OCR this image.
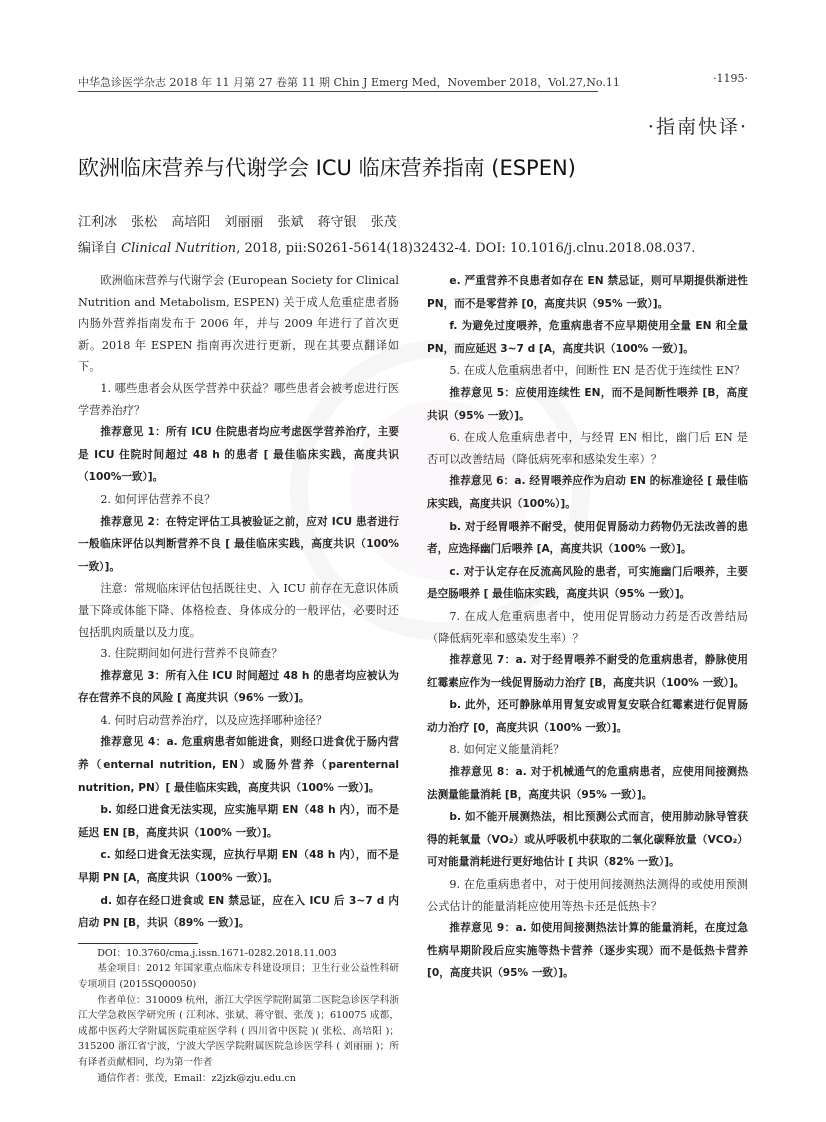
中华急诊医学杂志 2018 年 11 月第 27 卷第 11 期 Chin J Emerg Med，November 2018，Vol.27,No.11	·1195·
·指南快译·
欧洲临床营养与代谢学会 ICU 临床营养指南 (ESPEN)
江利冰 张松 高培阳 刘丽丽 张斌 蒋守银 张茂
编译自 Clinical Nutrition, 2018, pii:S0261-5614(18)32432-4. DOI: 10.1016/j.clnu.2018.08.037.

欧洲临床营养与代谢学会 (European Society for Clinical Nutrition and Metabolism, ESPEN) 关于成人危重症患者肠内肠外营养指南发布于 2006 年，并与 2009 年进行了首次更新。2018 年 ESPEN 指南再次进行更新，现在其要点翻译如下。

1. 哪些患者会从医学营养中获益？哪些患者会被考虑进行医学营养治疗？

推荐意见 1：所有 ICU 住院患者均应考虑医学营养治疗，主要是 ICU 住院时间超过 48 h 的患者 [ 最佳临床实践，高度共识（100%一致）]。

2. 如何评估营养不良？

推荐意见 2：在特定评估工具被验证之前，应对 ICU 患者进行一般临床评估以判断营养不良 [ 最佳临床实践，高度共识（100% 一致）]。

注意：常规临床评估包括既往史、入 ICU 前存在无意识体质量下降或体能下降、体格检查、身体成分的一般评估，必要时还包括肌肉质量以及力度。

3. 住院期间如何进行营养不良筛查？

推荐意见 3：所有入住 ICU 时间超过 48 h 的患者均应被认为存在营养不良的风险 [ 高度共识（96% 一致）]。

4. 何时启动营养治疗，以及应选择哪种途径？

推荐意见 4：a. 危重病患者如能进食，则经口进食优于肠内营养（enternal nutrition, EN）或肠外营养（parenternal nutrition, PN）[ 最佳临床实践，高度共识（100% 一致）]。

b. 如经口进食无法实现，应实施早期 EN（48 h 内），而不是延迟 EN [B，高度共识（100% 一致）]。

c. 如经口进食无法实现，应执行早期 EN（48 h 内），而不是早期 PN [A，高度共识（100% 一致）]。

d. 如存在经口进食或 EN 禁忌证，应在入 ICU 后 3~7 d 内启动 PN [B，共识（89% 一致）]。

DOI：10.3760/cma.j.issn.1671-0282.2018.11.003

基金项目：2012 年国家重点临床专科建设项目；卫生行业公益性科研专项项目 (2015SQ00050)

作者单位：310009 杭州，浙江大学医学院附属第二医院急诊医学科浙江大学急救医学研究所 ( 江利冰、张斌、蒋守银、张茂 )；610075 成都，成都中医药大学附属医院重症医学科 ( 四川省中医院 )( 张松、高培阳 )；315200 浙江省宁波，宁波大学医学院附属医院急诊医学科 ( 刘丽丽 )；所有译者贡献相同，均为第一作者

通信作者：张茂，Email：z2jzk@zju.edu.cn

e. 严重营养不良患者如存在 EN 禁忌证，则可早期提供渐进性 PN，而不是零营养 [0，高度共识（95% 一致）]。

f. 为避免过度喂养，危重病患者不应早期使用全量 EN 和全量 PN，而应延迟 3~7 d [A，高度共识（100% 一致）]。

5. 在成人危重病患者中，间断性 EN 是否优于连续性 EN？

推荐意见 5：应使用连续性 EN，而不是间断性喂养 [B，高度共识（95% 一致）]。

6. 在成人危重病患者中，与经胃 EN 相比，幽门后 EN 是否可以改善结局（降低病死率和感染发生率）？

推荐意见 6：a. 经胃喂养应作为启动 EN 的标准途径 [ 最佳临床实践，高度共识（100%）]。

b. 对于经胃喂养不耐受，使用促胃肠动力药物仍无法改善的患者，应选择幽门后喂养 [A，高度共识（100% 一致）]。

c. 对于认定存在反流高风险的患者，可实施幽门后喂养，主要是空肠喂养 [ 最佳临床实践，高度共识（95% 一致）]。

7. 在成人危重病患者中，使用促胃肠动力药是否改善结局（降低病死率和感染发生率）？

推荐意见 7：a. 对于经胃喂养不耐受的危重病患者，静脉使用红霉素应作为一线促胃肠动力治疗 [B，高度共识（100% 一致）]。

b. 此外，还可静脉单用胃复安或胃复安联合红霉素进行促胃肠动力治疗 [0，高度共识（100% 一致）]。

8. 如何定义能量消耗？

推荐意见 8：a. 对于机械通气的危重病患者，应使用间接测热法测量能量消耗 [B，高度共识（95% 一致）]。

b. 如不能开展测热法，相比预测公式而言，使用肺动脉导管获得的耗氧量（VO₂）或从呼吸机中获取的二氧化碳释放量（VCO₂）可对能量消耗进行更好地估计 [ 共识（82% 一致）]。

9. 在危重病患者中，对于使用间接测热法测得的或使用预测公式估计的能量消耗应使用等热卡还是低热卡？

推荐意见 9：a. 如使用间接测热法计算的能量消耗，在度过急性病早期阶段后应实施等热卡营养（逐步实现）而不是低热卡营养 [0，高度共识（95% 一致）]。
